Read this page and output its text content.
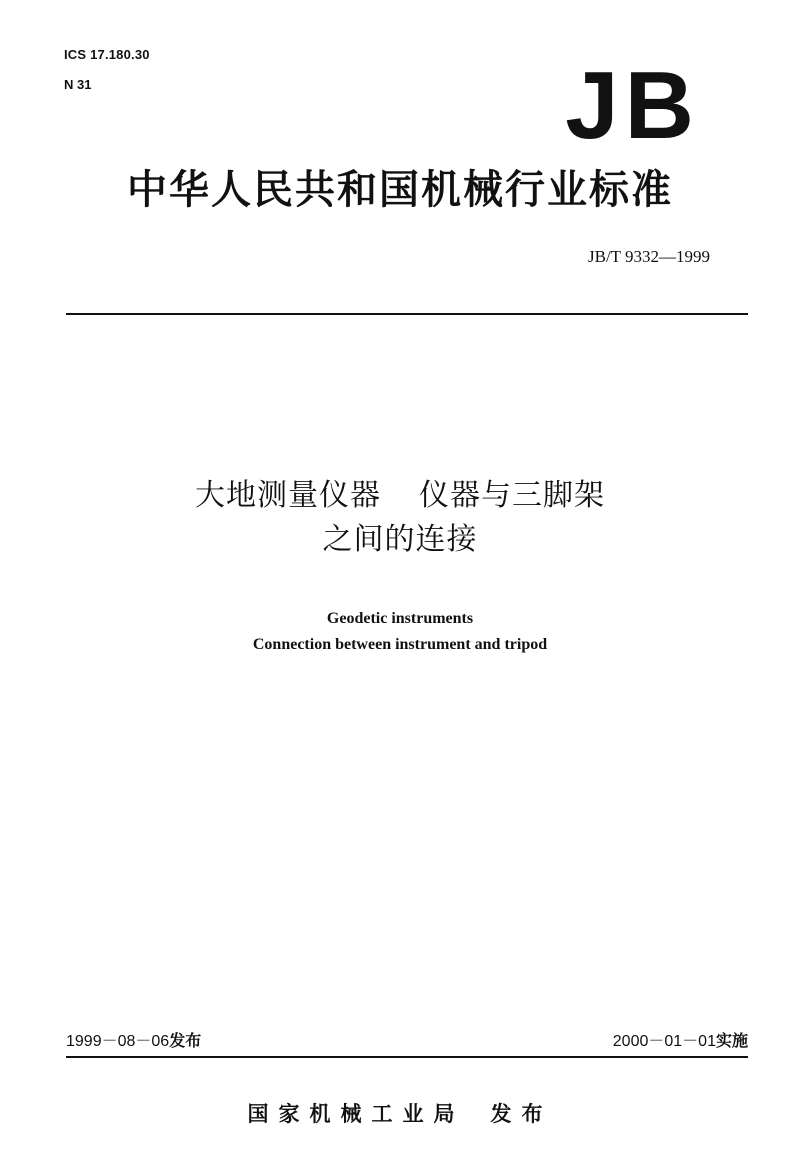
ICS 17.180.30
N 31	JB
中华人民共和国机械行业标准
JB/T 9332—1999
大地测量仪器 仪器与三脚架
之间的连接
Geodetic instruments
Connection between instrument and tripod
1999－08－06发布	2000－01－01实施
国家机械工业局 发布
